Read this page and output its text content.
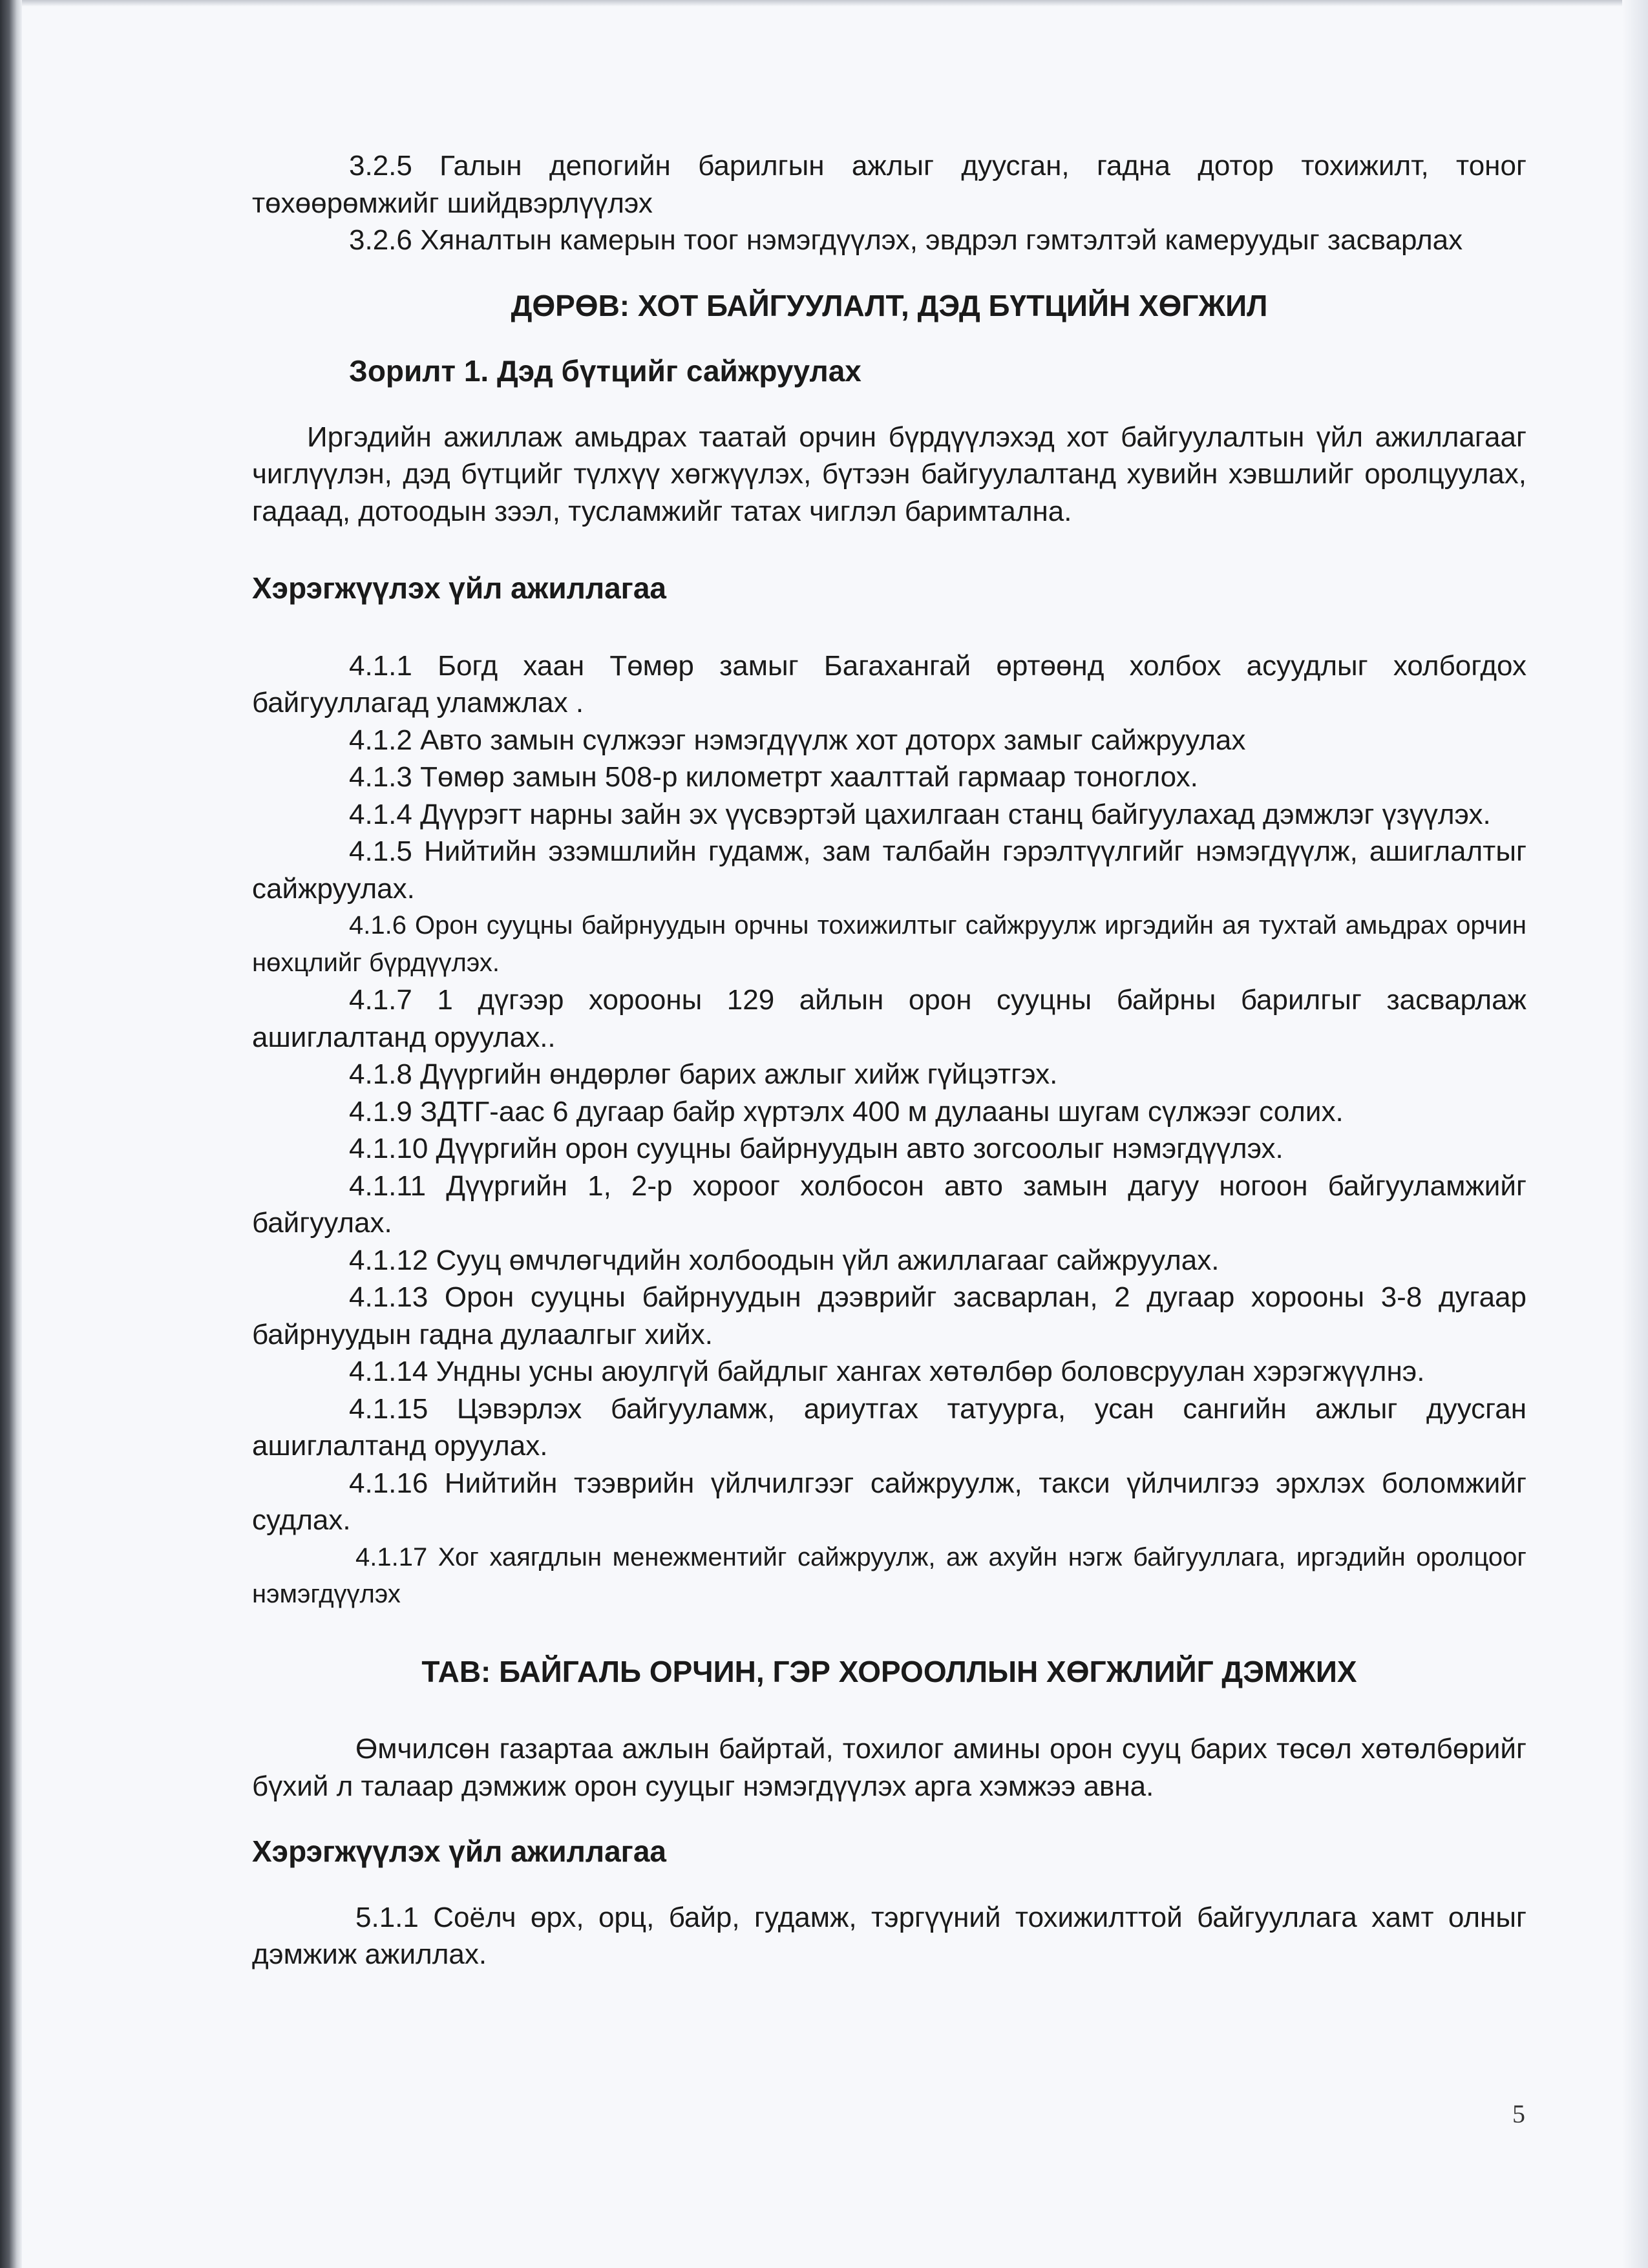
3.2.5 Галын депогийн барилгын ажлыг дуусган, гадна дотор тохижилт, тоног төхөөрөмжийг шийдвэрлүүлэх

3.2.6 Хяналтын камерын тоог нэмэгдүүлэх, эвдрэл гэмтэлтэй камеруудыг засварлах

ДӨРӨВ: ХОТ БАЙГУУЛАЛТ, ДЭД БҮТЦИЙН ХӨГЖИЛ

Зорилт 1. Дэд бүтцийг сайжруулах

Иргэдийн ажиллаж амьдрах таатай орчин бүрдүүлэхэд хот байгуулалтын үйл ажиллагааг чиглүүлэн, дэд бүтцийг түлхүү хөгжүүлэх, бүтээн байгуулалтанд хувийн хэвшлийг оролцуулах, гадаад, дотоодын зээл, тусламжийг татах чиглэл баримтална.

Хэрэгжүүлэх үйл ажиллагаа

4.1.1 Богд хаан Төмөр замыг Багахангай өртөөнд холбох асуудлыг холбогдох байгууллагад уламжлах .

4.1.2 Авто замын сүлжээг нэмэгдүүлж хот доторх замыг сайжруулах

4.1.3 Төмөр замын 508-р километрт хаалттай гармаар тоноглох.

4.1.4 Дүүрэгт нарны зайн эх үүсвэртэй цахилгаан станц байгуулахад дэмжлэг үзүүлэх.

4.1.5 Нийтийн эзэмшлийн гудамж, зам талбайн гэрэлтүүлгийг нэмэгдүүлж, ашиглалтыг сайжруулах.

4.1.6 Орон сууцны байрнуудын орчны тохижилтыг сайжруулж иргэдийн ая тухтай амьдрах орчин нөхцлийг бүрдүүлэх.

4.1.7 1 дүгээр хорооны 129 айлын орон сууцны байрны барилгыг засварлаж ашиглалтанд оруулах..

4.1.8 Дүүргийн өндөрлөг барих ажлыг хийж гүйцэтгэх.

4.1.9 ЗДТГ-аас 6 дугаар байр хүртэлх 400 м дулааны шугам сүлжээг солих.

4.1.10 Дүүргийн орон сууцны байрнуудын авто зогсоолыг нэмэгдүүлэх.

4.1.11 Дүүргийн 1, 2-р хороог холбосон авто замын дагуу ногоон байгууламжийг байгуулах.

4.1.12 Сууц өмчлөгчдийн холбоодын үйл ажиллагааг сайжруулах.

4.1.13 Орон сууцны байрнуудын дээврийг засварлан, 2 дугаар хорооны 3-8 дугаар байрнуудын гадна дулаалгыг хийх.

4.1.14 Ундны усны аюулгүй байдлыг хангах хөтөлбөр боловсруулан хэрэгжүүлнэ.

4.1.15 Цэвэрлэх байгууламж, ариутгах татуурга, усан сангийн ажлыг дуусган ашиглалтанд оруулах.

4.1.16 Нийтийн тээврийн үйлчилгээг сайжруулж, такси үйлчилгээ эрхлэх боломжийг судлах.

4.1.17 Хог хаягдлын менежментийг сайжруулж, аж ахуйн нэгж байгууллага, иргэдийн оролцоог нэмэгдүүлэх

ТАВ: БАЙГАЛЬ ОРЧИН, ГЭР ХОРООЛЛЫН ХӨГЖЛИЙГ ДЭМЖИХ

Өмчилсөн газартаа ажлын байртай, тохилог амины орон сууц барих төсөл хөтөлбөрийг бүхий л талаар дэмжиж орон сууцыг нэмэгдүүлэх арга хэмжээ авна.

Хэрэгжүүлэх үйл ажиллагаа

5.1.1 Соёлч өрх, орц, байр, гудамж, тэргүүний тохижилттой байгууллага хамт олныг дэмжиж ажиллах.

5
